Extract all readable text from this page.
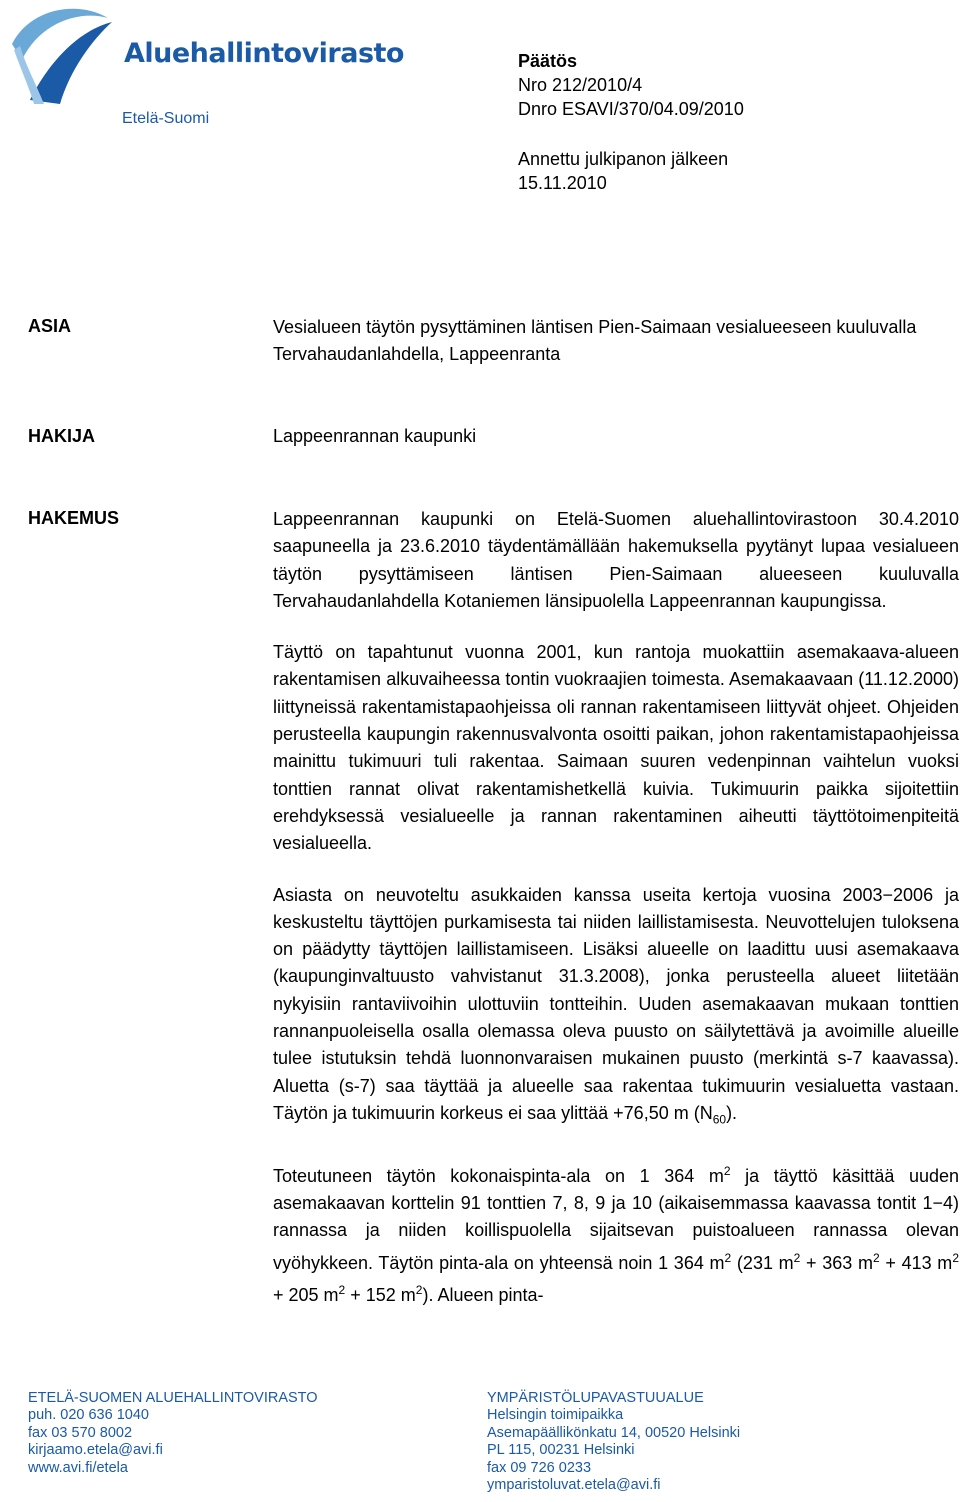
Aluehallintovirasto
Etelä-Suomi
Päätös
Nro 212/2010/4
Dnro ESAVI/370/04.09/2010
Annettu julkipanon jälkeen
15.11.2010
ASIA	Vesialueen täytön pysyttäminen läntisen Pien-Saimaan vesialueeseen kuuluvalla Tervahaudanlahdella, Lappeenranta
HAKIJA	Lappeenrannan kaupunki
HAKEMUS	Lappeenrannan kaupunki on Etelä-Suomen aluehallintovirastoon 30.4.2010 saapuneella ja 23.6.2010 täydentämällään hakemuksella pyytänyt lupaa vesialueen täytön pysyttämiseen läntisen Pien-Saimaan alueeseen kuuluvalla Tervahaudanlahdella Kotaniemen länsipuolella Lappeenrannan kaupungissa.
Täyttö on tapahtunut vuonna 2001, kun rantoja muokattiin asemakaava-alueen rakentamisen alkuvaiheessa tontin vuokraajien toimesta. Asemakaavaan (11.12.2000) liittyneissä rakentamistapaohjeissa oli rannan rakentamiseen liittyvät ohjeet. Ohjeiden perusteella kaupungin rakennusvalvonta osoitti paikan, johon rakentamistapaohjeissa mainittu tukimuuri tuli rakentaa. Saimaan suuren vedenpinnan vaihtelun vuoksi tonttien rannat olivat rakentamishetkellä kuivia. Tukimuurin paikka sijoitettiin erehdyksessä vesialueelle ja rannan rakentaminen aiheutti täyttötoimenpiteitä vesialueella.
Asiasta on neuvoteltu asukkaiden kanssa useita kertoja vuosina 2003−2006 ja keskusteltu täyttöjen purkamisesta tai niiden laillistamisesta. Neuvottelujen tuloksena on päädytty täyttöjen laillistamiseen. Lisäksi alueelle on laadittu uusi asemakaava (kaupunginvaltuusto vahvistanut 31.3.2008), jonka perusteella alueet liitetään nykyisiin rantaviivoihin ulottuviin tontteihin. Uuden asemakaavan mukaan tonttien rannanpuoleisella osalla olemassa oleva puusto on säilytettävä ja avoimille alueille tulee istutuksin tehdä luonnonvaraisen mukainen puusto (merkintä s-7 kaavassa). Aluetta (s-7) saa täyttää ja alueelle saa rakentaa tukimuurin vesialuetta vastaan. Täytön ja tukimuurin korkeus ei saa ylittää +76,50 m $(N_{60})$.
Toteutuneen täytön kokonaispinta-ala on 1 364 $m^2$ ja täyttö käsittää uuden asemakaavan korttelin 91 tonttien 7, 8, 9 ja 10 (aikaisemmassa kaavassa tontit 1−4) rannassa ja niiden koillispuolella sijaitsevan puistoalueen rannassa olevan vyöhykkeen. Täytön pinta-ala on yhteensä noin 1 364 $m^2$ (231 $m^2 + 363$ $m^2 + 413$ $m^2 + 205$ $m^2 + 152$ $m^2$). Alueen pinta-
ETELÄ-SUOMEN ALUEHALLINTOVIRASTO
puh. 020 636 1040
fax 03 570 8002
kirjaamo.etela@avi.fi
www.avi.fi/etela
YMPÄRISTÖLUPAVASTUUALUE
Helsingin toimipaikka
Asemapäällikönkatu 14, 00520 Helsinki
PL 115, 00231 Helsinki
fax 09 726 0233
ymparistoluvat.etela@avi.fi
